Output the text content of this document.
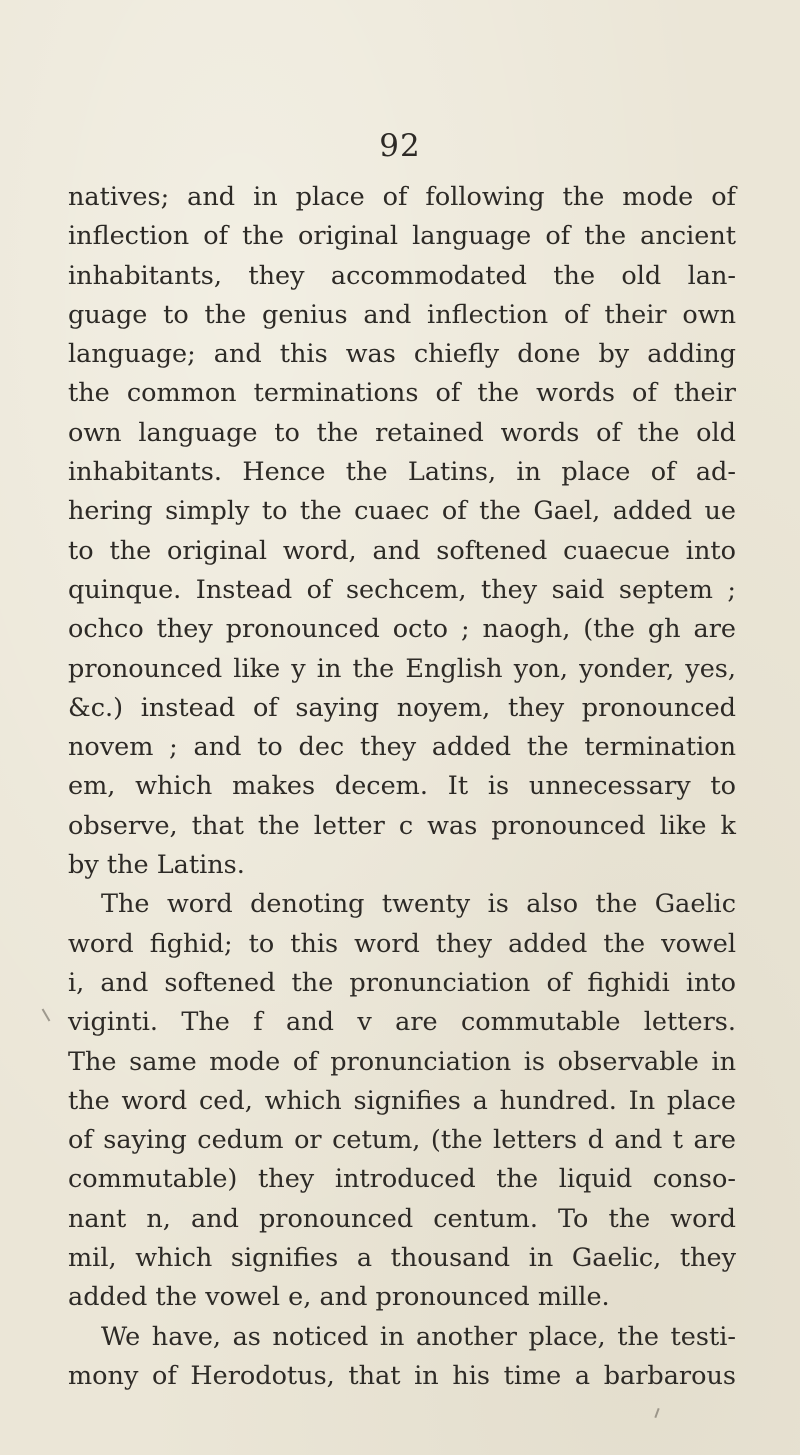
92
natives; and in place of following the mode of
inflection of the original language of the ancient
inhabitants, they accommodated the old lan-
guage to the genius and inflection of their own
language; and this was chiefly done by adding
the common terminations of the words of their
own language to the retained words of the old
inhabitants. Hence the Latins, in place of ad-
hering simply to the cuaec of the Gael, added ue
to the original word, and softened cuaecue into
quinque. Instead of sechcem, they said septem ;
ochco they pronounced octo ; naogh, (the gh are
pronounced like y in the English yon, yonder, yes,
&c.) instead of saying noyem, they pronounced
novem ; and to dec they added the termination
em, which makes decem. It is unnecessary to
observe, that the letter c was pronounced like k
by the Latins.
The word denoting twenty is also the Gaelic
word fighid; to this word they added the vowel
i, and softened the pronunciation of fighidi into
viginti. The f and v are commutable letters.
The same mode of pronunciation is observable in
the word ced, which signifies a hundred. In place
of saying cedum or cetum, (the letters d and t are
commutable) they introduced the liquid conso-
nant n, and pronounced centum. To the word
mil, which signifies a thousand in Gaelic, they
added the vowel e, and pronounced mille.
We have, as noticed in another place, the testi-
mony of Herodotus, that in his time a barbarous
